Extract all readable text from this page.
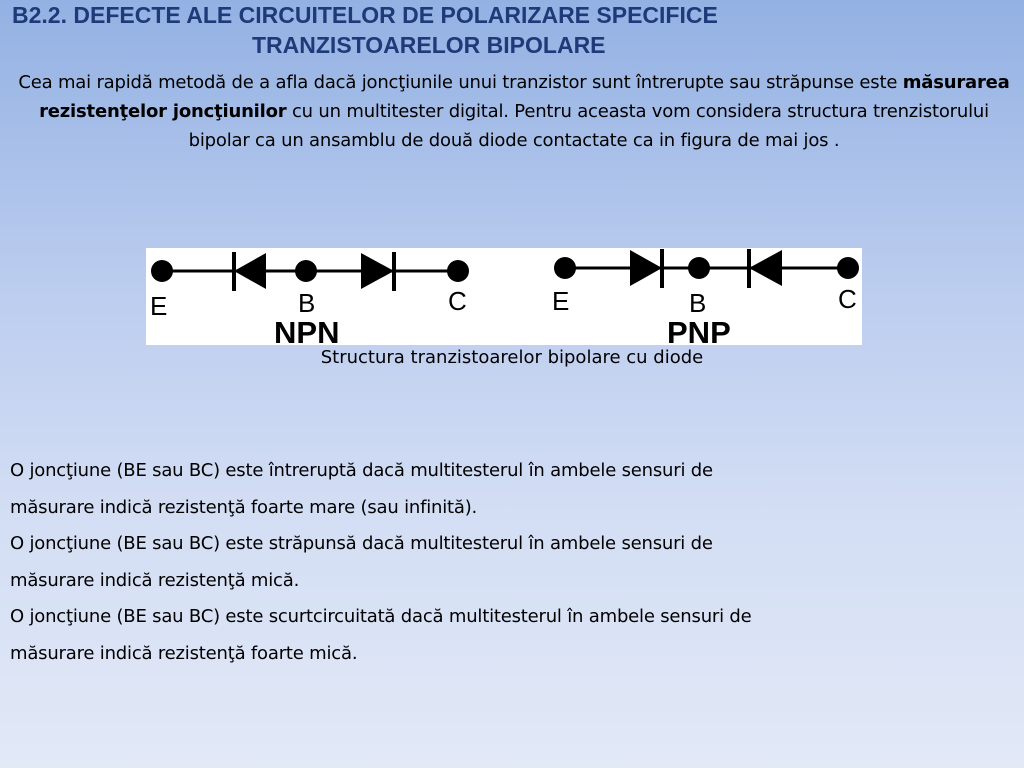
B2.2. DEFECTE ALE CIRCUITELOR DE POLARIZARE SPECIFICE
TRANZISTOARELOR BIPOLARE

Cea mai rapidă metodă de a afla dacă joncţiunile unui tranzistor sunt întrerupte sau străpunse este măsurarea rezistenţelor joncţiunilor cu un multitester digital. Pentru aceasta vom considera structura trenzistorului bipolar ca un ansamblu de două diode contactate ca in figura de mai jos .

E	B	C
NPN
E	B	C
PNP
Structura tranzistoarelor bipolare cu diode
O joncţiune (BE sau BC) este întreruptă dacă multitesterul în ambele sensuri de
măsurare indică rezistenţă foarte mare (sau infinită).
O joncţiune (BE sau BC) este străpunsă dacă multitesterul în ambele sensuri de
măsurare indică rezistenţă mică.
O joncţiune (BE sau BC) este scurtcircuitată dacă multitesterul în ambele sensuri de
măsurare indică rezistenţă foarte mică.
